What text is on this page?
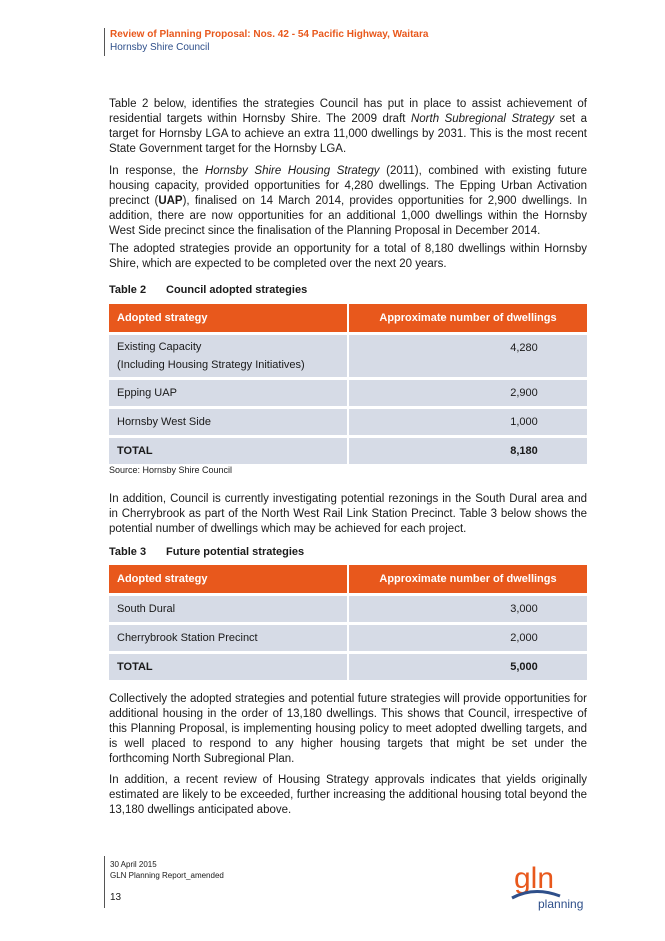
Review of Planning Proposal: Nos. 42 - 54 Pacific Highway, Waitara
Hornsby Shire Council

Table 2 below, identifies the strategies Council has put in place to assist achievement of residential targets within Hornsby Shire. The 2009 draft North Subregional Strategy set a target for Hornsby LGA to achieve an extra 11,000 dwellings by 2031. This is the most recent State Government target for the Hornsby LGA.

In response, the Hornsby Shire Housing Strategy (2011), combined with existing future housing capacity, provided opportunities for 4,280 dwellings. The Epping Urban Activation precinct (UAP), finalised on 14 March 2014, provides opportunities for 2,900 dwellings. In addition, there are now opportunities for an additional 1,000 dwellings within the Hornsby West Side precinct since the finalisation of the Planning Proposal in December 2014.

The adopted strategies provide an opportunity for a total of 8,180 dwellings within Hornsby Shire, which are expected to be completed over the next 20 years.

Table 2 Council adopted strategies
Adopted strategy	Approximate number of dwellings
Existing Capacity
(Including Housing Strategy Initiatives)	4,280
Epping UAP	2,900
Hornsby West Side	1,000
TOTAL	8,180
Source: Hornsby Shire Council

In addition, Council is currently investigating potential rezonings in the South Dural area and in Cherrybrook as part of the North West Rail Link Station Precinct. Table 3 below shows the potential number of dwellings which may be achieved for each project.

Table 3 Future potential strategies
Adopted strategy	Approximate number of dwellings
South Dural	3,000
Cherrybrook Station Precinct	2,000
TOTAL	5,000

Collectively the adopted strategies and potential future strategies will provide opportunities for additional housing in the order of 13,180 dwellings. This shows that Council, irrespective of this Planning Proposal, is implementing housing policy to meet adopted dwelling targets, and is well placed to respond to any higher housing targets that might be set under the forthcoming North Subregional Plan.

In addition, a recent review of Housing Strategy approvals indicates that yields originally estimated are likely to be exceeded, further increasing the additional housing total beyond the 13,180 dwellings anticipated above.

30 April 2015
GLN Planning Report_amended
13
gln
planning
